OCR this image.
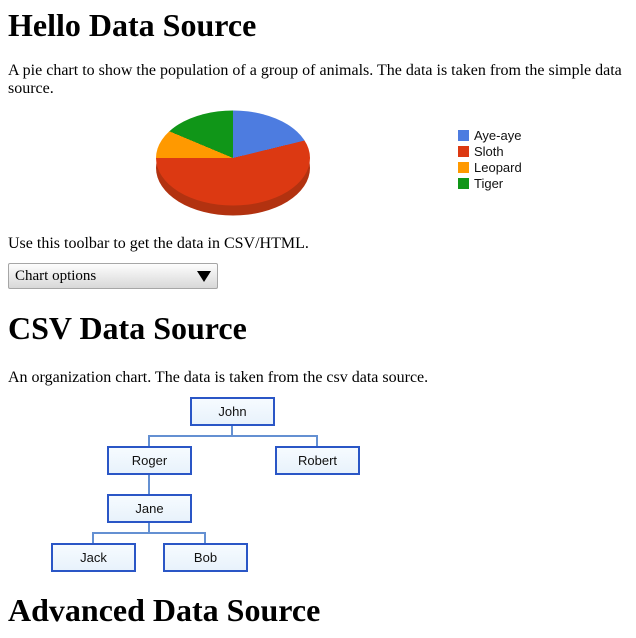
Hello Data Source

A pie chart to show the population of a group of animals. The data is taken from the simple data source.

Aye-aye
Sloth
Leopard
Tiger

Use this toolbar to get the data in CSV/HTML.

Chart options
CSV Data Source

An organization chart. The data is taken from the csv data source.

John
Roger	Robert
Jane
Jack	Bob
Advanced Data Source
